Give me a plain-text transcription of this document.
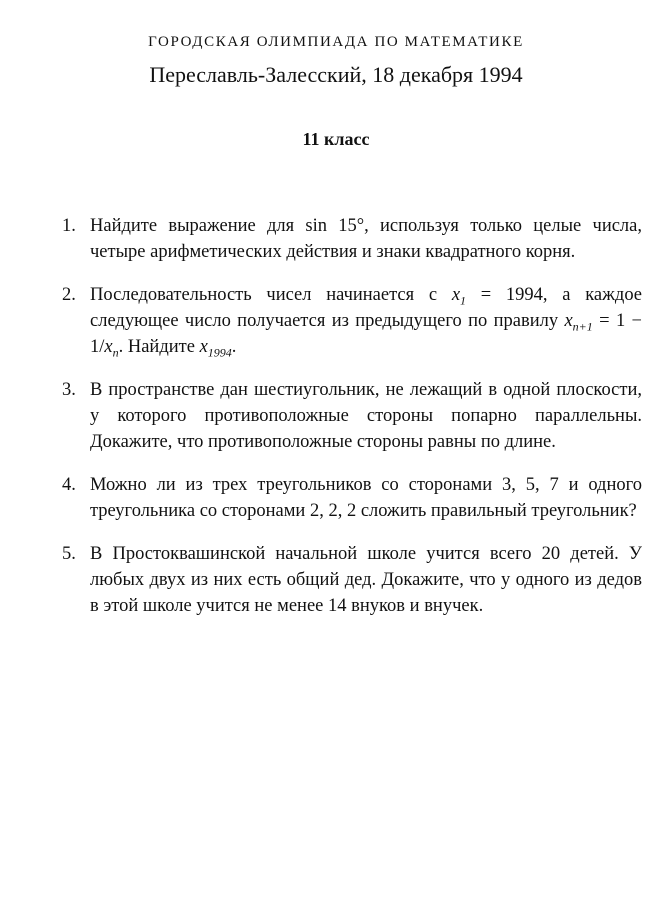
ГОРОДСКАЯ ОЛИМПИАДА ПО МАТЕМАТИКЕ
Переславль-Залесский, 18 декабря 1994
11 класс
1. Найдите выражение для sin 15°, используя только целые числа, четыре арифметических действия и знаки квадратного корня.
2. Последовательность чисел начинается с $x_1 = 1994$, а каждое следующее число получается из предыдущего по правилу $x_{n+1} = 1 - 1/x_n$. Найдите $x_{1994}$.
3. В пространстве дан шестиугольник, не лежащий в одной плоскости, у которого противоположные стороны попарно параллельны. Докажите, что противоположные стороны равны по длине.
4. Можно ли из трех треугольников со сторонами 3, 5, 7 и одного треугольника со сторонами 2, 2, 2 сложить правильный треугольник?
5. В Простоквашинской начальной школе учится всего 20 детей. У любых двух из них есть общий дед. Докажите, что у одного из дедов в этой школе учится не менее 14 внуков и внучек.
